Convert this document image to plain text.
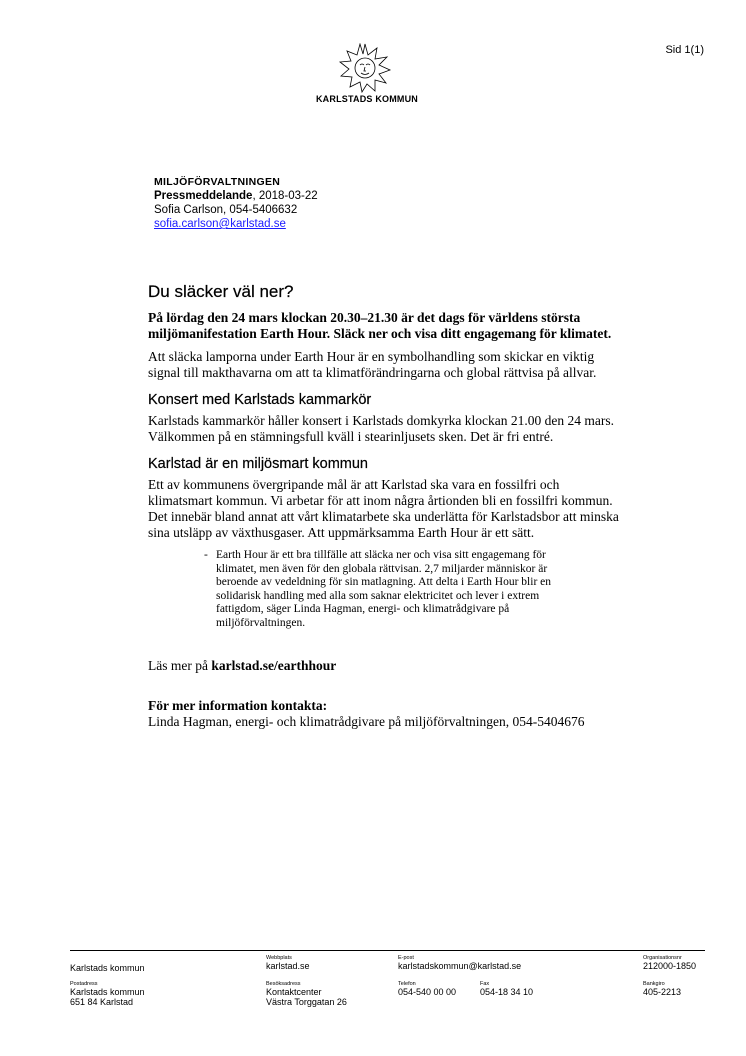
Sid 1(1)
KARLSTADS KOMMUN
MILJÖFÖRVALTNINGEN
Pressmeddelande, 2018-03-22
Sofia Carlson, 054-5406632
sofia.carlson@karlstad.se
Du släcker väl ner?

På lördag den 24 mars klockan 20.30–21.30 är det dags för världens största miljömanifestation Earth Hour. Släck ner och visa ditt engagemang för klimatet.

Att släcka lamporna under Earth Hour är en symbolhandling som skickar en viktig signal till makthavarna om att ta klimatförändringarna och global rättvisa på allvar.

Konsert med Karlstads kammarkör

Karlstads kammarkör håller konsert i Karlstads domkyrka klockan 21.00 den 24 mars. Välkommen på en stämningsfull kväll i stearinljusets sken. Det är fri entré.

Karlstad är en miljösmart kommun

Ett av kommunens övergripande mål är att Karlstad ska vara en fossilfri och klimatsmart kommun. Vi arbetar för att inom några årtionden bli en fossilfri kommun. Det innebär bland annat att vårt klimatarbete ska underlätta för Karlstadsbor att minska sina utsläpp av växthusgaser. Att uppmärksamma Earth Hour är ett sätt.

- Earth Hour är ett bra tillfälle att släcka ner och visa sitt engagemang för klimatet, men även för den globala rättvisan. 2,7 miljarder människor är beroende av vedeldning för sin matlagning. Att delta i Earth Hour blir en solidarisk handling med alla som saknar elektricitet och lever i extrem fattigdom, säger Linda Hagman, energi- och klimatrådgivare på miljöförvaltningen.

Läs mer på karlstad.se/earthhour

För mer information kontakta:

Linda Hagman, energi- och klimatrådgivare på miljöförvaltningen, 054-5404676

Karlstads kommun
Webbplats
karlstad.se
E-post
karlstadskommun@karlstad.se
Organisationsnr
212000-1850
Postadress
Karlstads kommun
651 84 Karlstad
Besöksadress
Kontaktcenter
Västra Torggatan 26
Telefon
054-540 00 00
Fax
054-18 34 10
Bankgiro
405-2213
